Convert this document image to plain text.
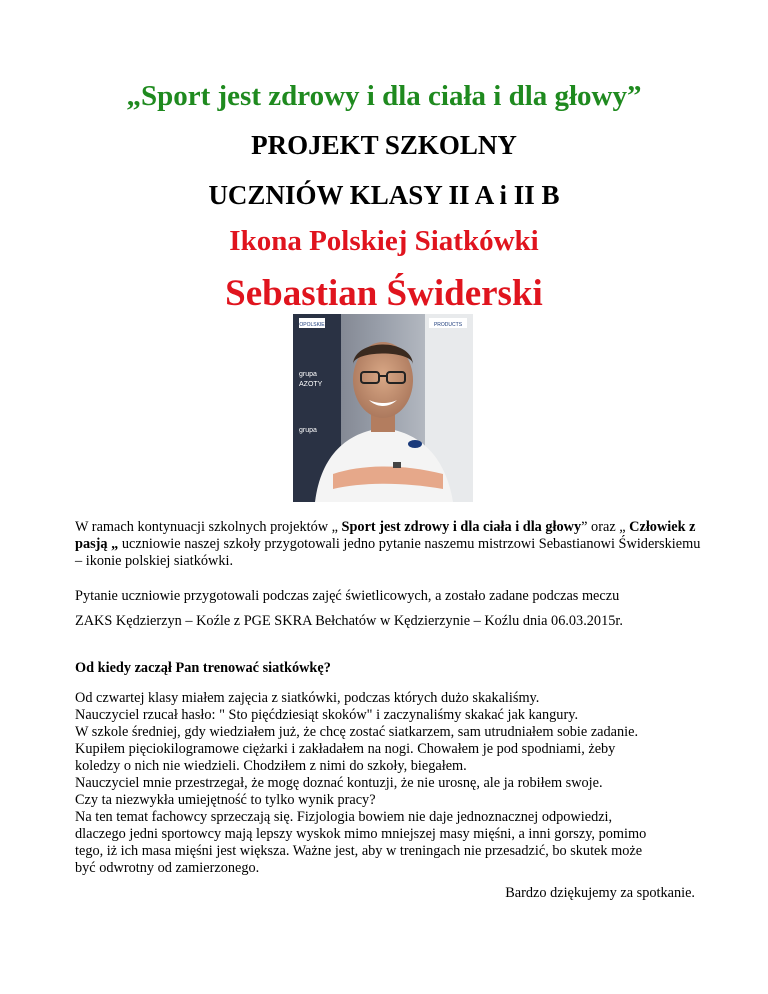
„Sport jest zdrowy i dla ciała i dla głowy”
PROJEKT SZKOLNY
UCZNIÓW KLASY II A i II B
Ikona Polskiej Siatkówki
Sebastian Świderski
OPOLSKIE	PRODUCTS
grupa
AZOTY
grupa
W ramach kontynuacji szkolnych projektów „ Sport jest zdrowy i dla ciała i dla głowy” oraz „ Człowiek z pasją „ uczniowie naszej szkoły przygotowali jedno pytanie naszemu mistrzowi Sebastianowi Świderskiemu – ikonie polskiej siatkówki.
Pytanie uczniowie przygotowali podczas zajęć świetlicowych, a zostało zadane podczas meczu
ZAKS Kędzierzyn – Koźle z PGE SKRA Bełchatów w Kędzierzynie – Koźlu dnia 06.03.2015r.
Od kiedy zaczął Pan trenować siatkówkę?
Od czwartej klasy miałem zajęcia z siatkówki, podczas których dużo skakaliśmy.
Nauczyciel rzucał hasło: " Sto pięćdziesiąt skoków" i zaczynaliśmy skakać jak kangury.
W szkole średniej, gdy wiedziałem już, że chcę zostać siatkarzem, sam utrudniałem sobie zadanie.
Kupiłem pięciokilogramowe ciężarki i zakładałem na nogi. Chowałem je pod spodniami, żeby
koledzy o nich nie wiedzieli. Chodziłem z nimi do szkoły, biegałem.
Nauczyciel mnie przestrzegał, że mogę doznać kontuzji, że nie urosnę, ale ja robiłem swoje.
Czy ta niezwykła umiejętność to tylko wynik pracy?
Na ten temat fachowcy sprzeczają się. Fizjologia bowiem nie daje jednoznacznej odpowiedzi,
dlaczego jedni sportowcy mają lepszy wyskok mimo mniejszej masy mięśni, a inni gorszy, pomimo
tego, iż ich masa mięśni jest większa. Ważne jest, aby w treningach nie przesadzić, bo skutek może
być odwrotny od zamierzonego.
Bardzo dziękujemy za spotkanie.
